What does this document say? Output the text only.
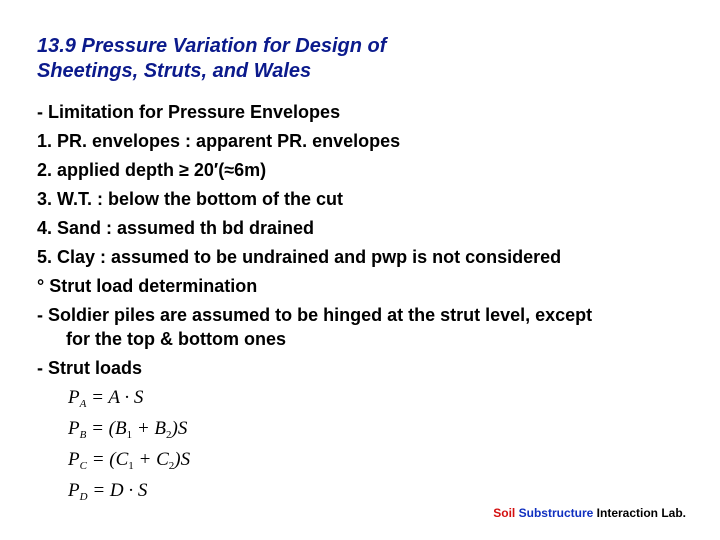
13.9 Pressure Variation for Design of
Sheetings, Struts, and Wales
- Limitation for Pressure Envelopes
1. PR. envelopes : apparent PR. envelopes
2. applied depth ≥ 20′(≈6m)
3. W.T. : below the bottom of the cut
4. Sand : assumed th bd drained
5. Clay : assumed to be undrained and pwp is not considered
° Strut load determination
- Soldier piles are assumed to be hinged at the strut level, except
for the top & bottom ones
- Strut loads
$P_A = A \cdot S$
$P_B = (B_1 + B_2)S$
$P_C = (C_1 + C_2)S$
$P_D = D \cdot S$
Soil Substructure Interaction Lab.
